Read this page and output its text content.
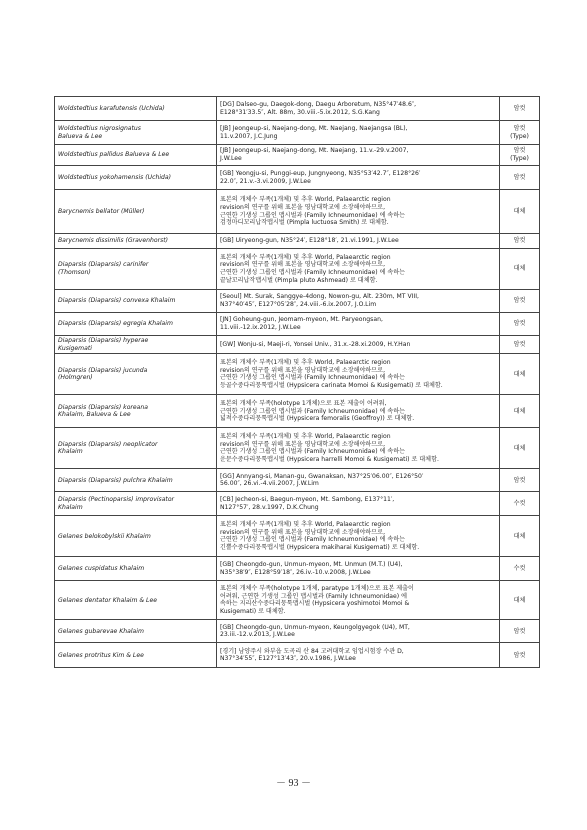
Woldstedtius karafutensis (Uchida)	[DG] Dalseo-gu, Daegok-dong, Daegu Arboretum, N35°47′48.6″,
E128°31′33.5″, Alt. 88m, 30.viii.-5.ix.2012, S.G.Kang	암컷

Woldstedtius nigrosignatus
Balueva & Lee	[JB] Jeongeup-si, Naejang-dong, Mt. Naejang, Naejangsa (BL),
11.v.2007, J.C.Jung	암컷
(Type)

Woldstedtius pallidus Balueva & Lee	[JB] Jeongeup-si, Naejang-dong, Mt. Naejang, 11.v.-29.v.2007,
J.W.Lee	암컷
(Type)

Woldstedtius yokohamensis (Uchida)	[GB] Yeongju-si, Punggi-eup, Jungnyeong, N35°53′42.7″, E128°26′
22.0″, 21.v.-3.vi.2009, J.W.Lee	암컷

Barycnemis bellator (Müller)	표본의 개체수 부족(1개체) 및 추후 World, Palaearctic region
revision의 연구를 위해 표본을 영남대학교에 소장해야하므로,
근연한 기생성 그룹인 맵시벌과 (Family Ichneumonidae) 에 속하는
검정마디꼬리납작맵시벌 (Pimpla luctuosa Smith) 로 대체함.	대체

Barycnemis dissimilis (Gravenhorst)	[GB] Uiryeong-gun, N35°24′, E128°18′, 21.vi.1991, J.W.Lee	암컷

Diaparsis (Diaparsis) carinifer
(Thomson)	표본의 개체수 부족(1개체) 및 추후 World, Palaearctic region
revision의 연구를 위해 표본을 영남대학교에 소장해야하므로,
근연한 기생성 그룹인 맵시벌과 (Family Ichneumonidae) 에 속하는
끝날꼬리납작맵시벌 (Pimpla pluto Ashmead) 로 대체함.	대체

Diaparsis (Diaparsis) convexa Khalaim	[Seoul] Mt. Surak, Sanggye-4dong, Nowon-gu, Alt. 230m, MT VIII,
N37°40′45″, E127°05′28″, 24.viii.-6.ix.2007, J.O.Lim	암컷

Diaparsis (Diaparsis) egregia Khalaim	[JN] Goheung-gun, Jeomam-myeon, Mt. Paryeongsan,
11.viii.-12.ix.2012, J.W.Lee	암컷

Diaparsis (Diaparsis) hyperae
Kusigemati	[GW] Wonju-si, Maeji-ri, Yonsei Univ., 31.x.-28.xi.2009, H.Y.Han	암컷

Diaparsis (Diaparsis) jucunda
(Holmgren)	표본의 개체수 부족(1개체) 및 추후 World, Palaearctic region
revision의 연구를 위해 표본을 영남대학교에 소장해야하므로,
근연한 기생성 그룹인 맵시벌과 (Family Ichneumonidae) 에 속하는
등골수중다리뭉툭맵시벌 (Hypsicera carinata Momoi & Kusigemati) 로 대체함.	대체

Diaparsis (Diaparsis) koreana
Khalaim, Balueva & Lee	표본의 개체수 부족(holotype 1개체)으로 표본 제출이 어려워,
근연한 기생성 그룹인 맵시벌과 (Family Ichneumonidae) 에 속하는
넓적수중다리뭉툭맵시벌 (Hypsicera femoralis (Geoffroy)) 로 대체함.	대체

Diaparsis (Diaparsis) neoplicator
Khalaim	표본의 개체수 부족(1개체) 및 추후 World, Palaearctic region
revision의 연구를 위해 표본을 영남대학교에 소장해야하므로,
근연한 기생성 그룹인 맵시벌과 (Family Ichneumonidae) 에 속하는
운문수중다리뭉툭맵시벌 (Hypsicera harrelli Momoi & Kusigemati) 로 대체함.	대체

Diaparsis (Diaparsis) pulchra Khalaim	[GG] Annyang-si, Manan-gu, Gwanaksan, N37°25′06.00″, E126°50′
56.00″, 26.vi.-4.vii.2007, J.W.Lim	암컷

Diaparsis (Pectinoparsis) improvisator
Khalaim	[CB] Jecheon-si, Baegun-myeon, Mt. Sambong, E137°11′,
N127°57′, 28.v.1997, D.K.Chung	수컷

Gelanes belokobylskii Khalaim	표본의 개체수 부족(1개체) 및 추후 World, Palaearctic region
revision의 연구를 위해 표본을 영남대학교에 소장해야하므로,
근연한 기생성 그룹인 맵시벌과 (Family Ichneumonidae) 에 속하는
긴뿔수중다리뭉툭맵시벌 (Hypsicera makiharai Kusigemati) 로 대체함.	대체

Gelanes cuspidatus Khalaim	[GB] Cheongdo-gun, Unmun-myeon, Mt. Unmun (M.T.) (U4),
N35°38′9″, E128°59′18″, 26.iv.-10.v.2008, J.W.Lee	수컷

Gelanes dentator Khalaim & Lee	표본의 개체수 부족(holotype 1개체, paratype 1개체)으로 표본 제출이
어려워, 근연한 기생성 그룹인 맵시벌과 (Family Ichneumonidae) 에
속하는 지리산수중다리뭉툭맵시벌 (Hypsicera yoshimotoi Momoi &
Kusigemati) 로 대체함.	대체

Gelanes gubarevae Khalaim	[GB] Cheongdo-gun, Unmun-myeon, Keungolgyegok (U4), MT,
23.iii.-12.v.2013, J.W.Lee	암컷

Gelanes protritus Kim & Lee	[경기] 남양주시 와부읍 도곡리 산 84 고려대학교 임업시험장 수관 D,
N37°34′55″, E127°13′43″, 20.v.1986, J.W.Lee	암컷
－ 93 －
